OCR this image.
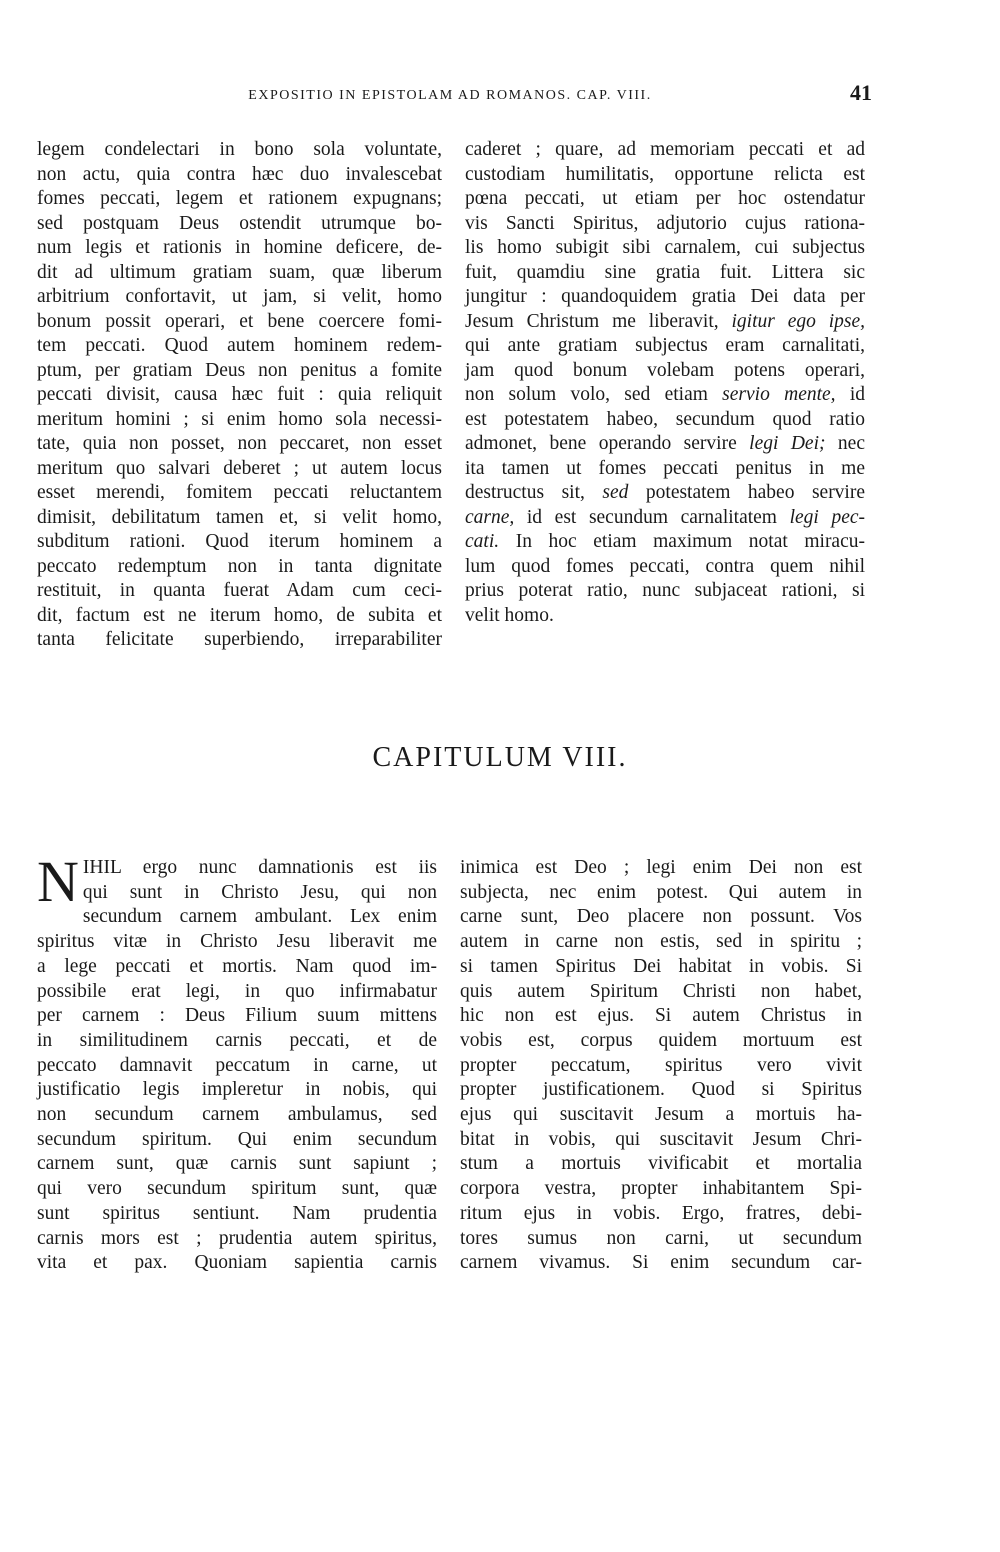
EXPOSITIO IN EPISTOLAM AD ROMANOS. CAP. VIII.	41
legem condelectari in bono sola voluntate,
non actu, quia contra hæc duo invalescebat
fomes peccati, legem et rationem expugnans;
sed postquam Deus ostendit utrumque bo-
num legis et rationis in homine deficere, de-
dit ad ultimum gratiam suam, quæ liberum
arbitrium confortavit, ut jam, si velit, homo
bonum possit operari, et bene coercere fomi-
tem peccati. Quod autem hominem redem-
ptum, per gratiam Deus non penitus a fomite
peccati divisit, causa hæc fuit : quia reliquit
meritum homini ; si enim homo sola necessi-
tate, quia non posset, non peccaret, non esset
meritum quo salvari deberet ; ut autem locus
esset merendi, fomitem peccati reluctantem
dimisit, debilitatum tamen et, si velit homo,
subditum rationi. Quod iterum hominem a
peccato redemptum non in tanta dignitate
restituit, in quanta fuerat Adam cum ceci-
dit, factum est ne iterum homo, de subita et
tanta felicitate superbiendo, irreparabiliter
caderet ; quare, ad memoriam peccati et ad
custodiam humilitatis, opportune relicta est
pœna peccati, ut etiam per hoc ostendatur
vis Sancti Spiritus, adjutorio cujus rationa-
lis homo subigit sibi carnalem, cui subjectus
fuit, quamdiu sine gratia fuit. Littera sic
jungitur : quandoquidem gratia Dei data per
Jesum Christum me liberavit, igitur ego ipse,
qui ante gratiam subjectus eram carnalitati,
jam quod bonum volebam potens operari,
non solum volo, sed etiam servio mente, id
est potestatem habeo, secundum quod ratio
admonet, bene operando servire legi Dei; nec
ita tamen ut fomes peccati penitus in me
destructus sit, sed potestatem habeo servire
carne, id est secundum carnalitatem legi pec-
cati. In hoc etiam maximum notat miracu-
lum quod fomes peccati, contra quem nihil
prius poterat ratio, nunc subjaceat rationi, si
velit homo.
CAPITULUM VIII.
N IHIL ergo nunc damnationis est iis
qui sunt in Christo Jesu, qui non
secundum carnem ambulant. Lex enim
spiritus vitæ in Christo Jesu liberavit me
a lege peccati et mortis. Nam quod im-
possibile erat legi, in quo infirmabatur
per carnem : Deus Filium suum mittens
in similitudinem carnis peccati, et de
peccato damnavit peccatum in carne, ut
justificatio legis impleretur in nobis, qui
non secundum carnem ambulamus, sed
secundum spiritum. Qui enim secundum
carnem sunt, quæ carnis sunt sapiunt ;
qui vero secundum spiritum sunt, quæ
sunt spiritus sentiunt. Nam prudentia
carnis mors est ; prudentia autem spiritus,
vita et pax. Quoniam sapientia carnis
inimica est Deo ; legi enim Dei non est
subjecta, nec enim potest. Qui autem in
carne sunt, Deo placere non possunt. Vos
autem in carne non estis, sed in spiritu ;
si tamen Spiritus Dei habitat in vobis. Si
quis autem Spiritum Christi non habet,
hic non est ejus. Si autem Christus in
vobis est, corpus quidem mortuum est
propter peccatum, spiritus vero vivit
propter justificationem. Quod si Spiritus
ejus qui suscitavit Jesum a mortuis ha-
bitat in vobis, qui suscitavit Jesum Chri-
stum a mortuis vivificabit et mortalia
corpora vestra, propter inhabitantem Spi-
ritum ejus in vobis. Ergo, fratres, debi-
tores sumus non carni, ut secundum
carnem vivamus. Si enim secundum car-
